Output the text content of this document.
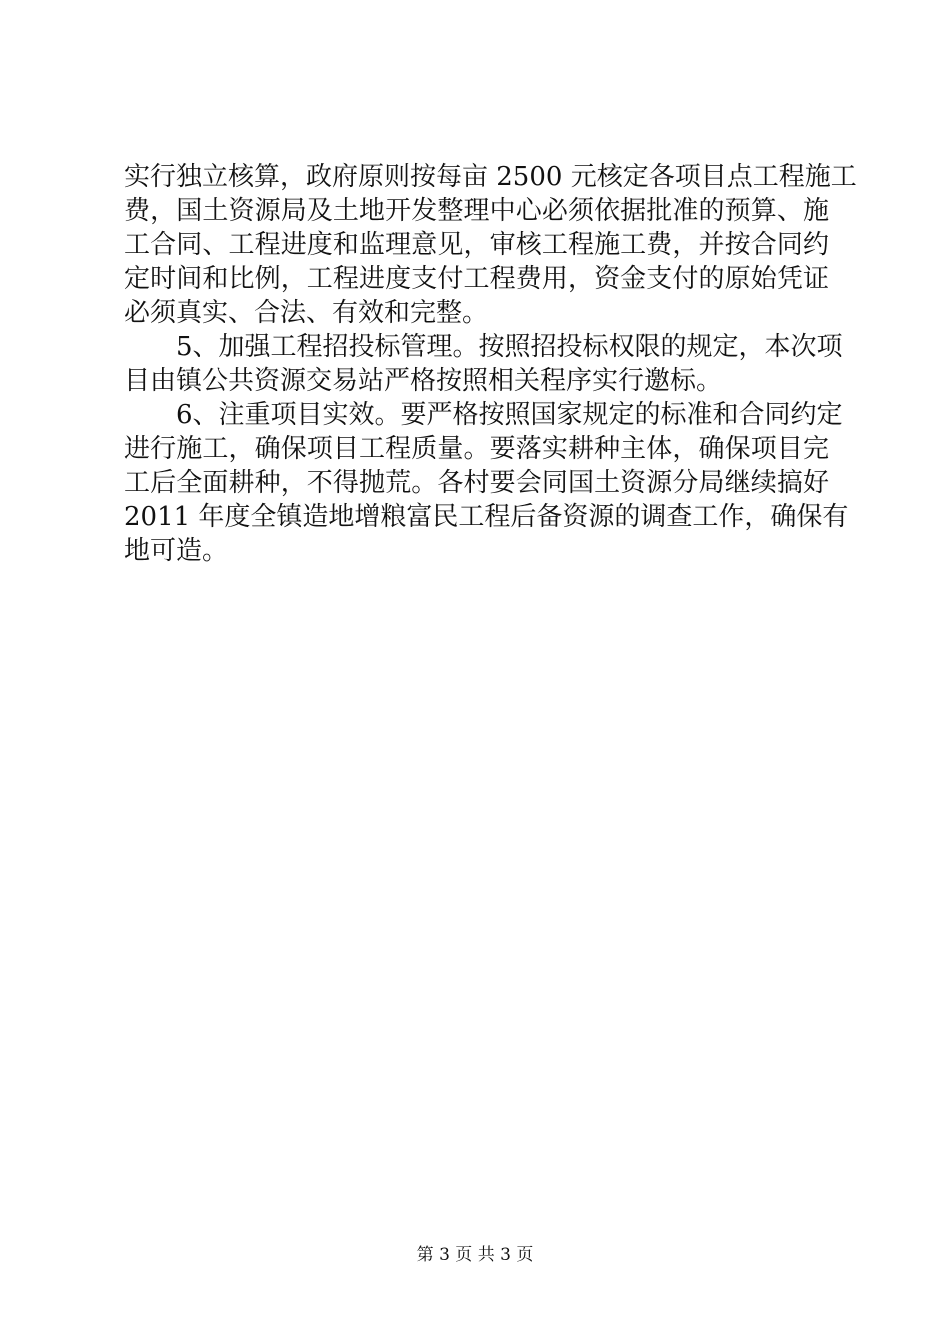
实行独立核算，政府原则按每亩 2500 元核定各项目点工程施工
费，国土资源局及土地开发整理中心必须依据批准的预算、施
工合同、工程进度和监理意见，审核工程施工费，并按合同约
定时间和比例，工程进度支付工程费用，资金支付的原始凭证
必须真实、合法、有效和完整。
5、加强工程招投标管理。按照招投标权限的规定，本次项
目由镇公共资源交易站严格按照相关程序实行邀标。
6、注重项目实效。要严格按照国家规定的标准和合同约定
进行施工，确保项目工程质量。要落实耕种主体，确保项目完
工后全面耕种，不得抛荒。各村要会同国土资源分局继续搞好
2011 年度全镇造地增粮富民工程后备资源的调查工作，确保有
地可造。
第 3 页 共 3 页
